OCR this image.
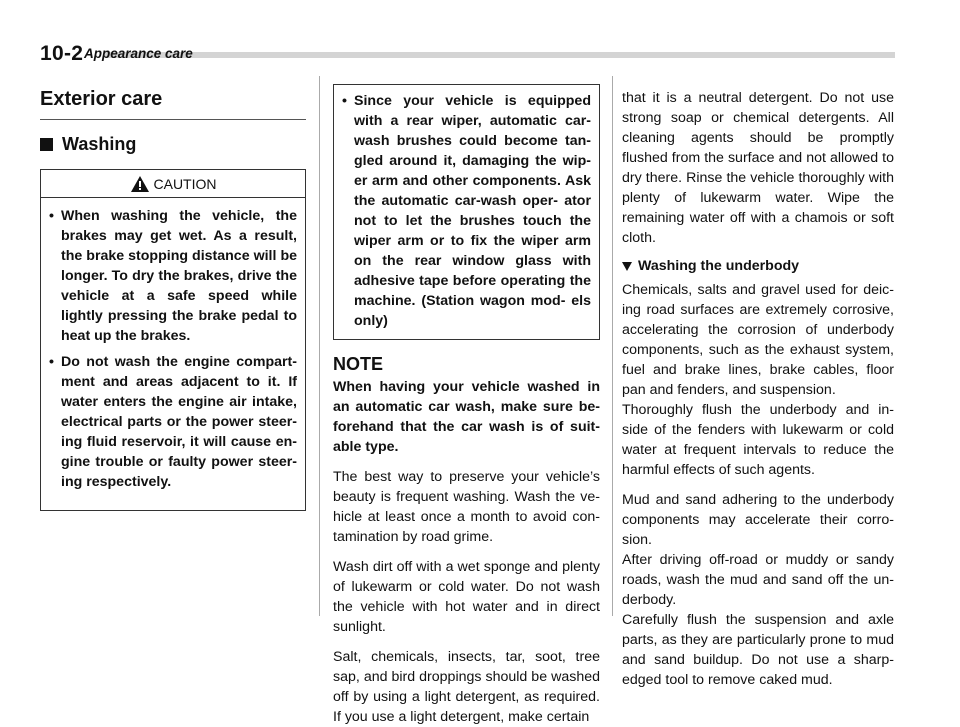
10-2 Appearance care
Exterior care
Washing
CAUTION
• When washing the vehicle, the brakes may get wet. As a result, the brake stopping distance will be longer. To dry the brakes, drive the vehicle at a safe speed while lightly pressing the brake pedal to heat up the brakes.
• Do not wash the engine compart- ment and areas adjacent to it. If water enters the engine air intake, electrical parts or the power steer- ing fluid reservoir, it will cause en- gine trouble or faulty power steer- ing respectively.
• Since your vehicle is equipped with a rear wiper, automatic car- wash brushes could become tan- gled around it, damaging the wip- er arm and other components. Ask the automatic car-wash oper- ator not to let the brushes touch the wiper arm or to fix the wiper arm on the rear window glass with adhesive tape before operating the machine. (Station wagon mod- els only)
NOTE
When having your vehicle washed in an automatic car wash, make sure be- forehand that the car wash is of suit- able type.

The best way to preserve your vehicle’s beauty is frequent washing. Wash the ve- hicle at least once a month to avoid con- tamination by road grime.

Wash dirt off with a wet sponge and plenty of lukewarm or cold water. Do not wash the vehicle with hot water and in direct sunlight.

Salt, chemicals, insects, tar, soot, tree sap, and bird droppings should be washed off by using a light detergent, as required. If you use a light detergent, make certain

that it is a neutral detergent. Do not use strong soap or chemical detergents. All cleaning agents should be promptly flushed from the surface and not allowed to dry there. Rinse the vehicle thoroughly with plenty of lukewarm water. Wipe the remaining water off with a chamois or soft cloth.

Washing the underbody

Chemicals, salts and gravel used for deic- ing road surfaces are extremely corrosive, accelerating the corrosion of underbody components, such as the exhaust system, fuel and brake lines, brake cables, floor pan and fenders, and suspension.

Thoroughly flush the underbody and in- side of the fenders with lukewarm or cold water at frequent intervals to reduce the harmful effects of such agents.

Mud and sand adhering to the underbody components may accelerate their corro- sion.

After driving off-road or muddy or sandy roads, wash the mud and sand off the un- derbody.

Carefully flush the suspension and axle parts, as they are particularly prone to mud and sand buildup. Do not use a sharp-edged tool to remove caked mud.
